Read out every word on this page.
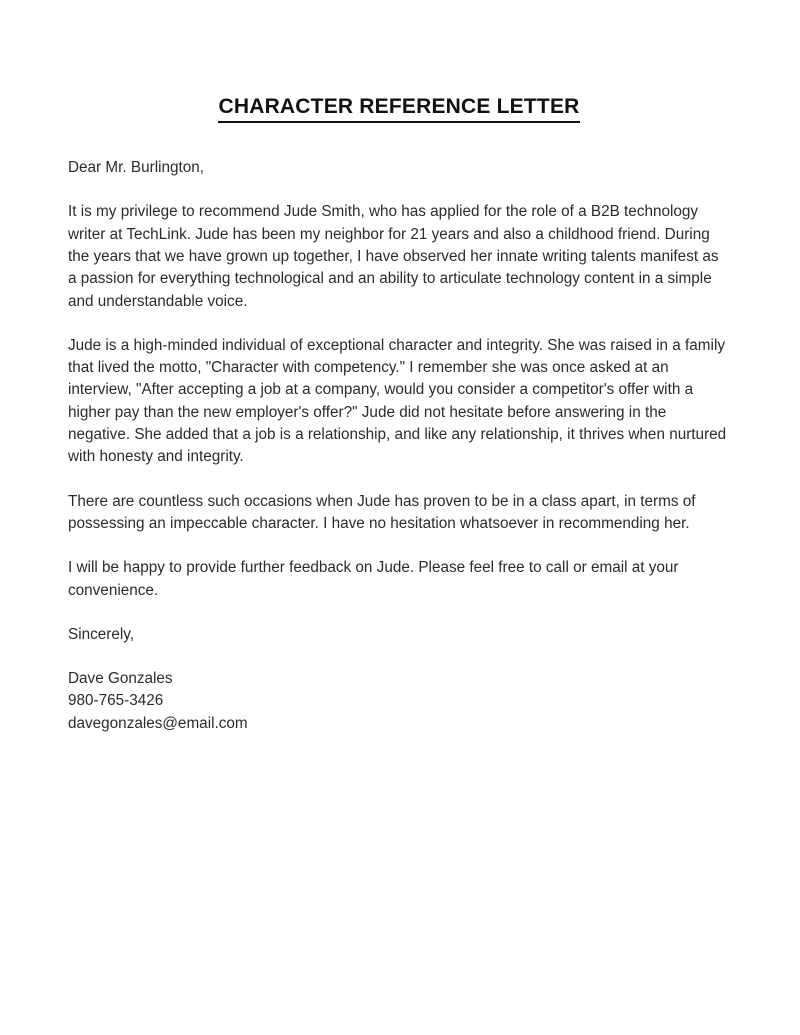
CHARACTER REFERENCE LETTER

Dear Mr. Burlington,

It is my privilege to recommend Jude Smith, who has applied for the role of a B2B technology writer at TechLink. Jude has been my neighbor for 21 years and also a childhood friend. During the years that we have grown up together, I have observed her innate writing talents manifest as a passion for everything technological and an ability to articulate technology content in a simple and understandable voice.

Jude is a high-minded individual of exceptional character and integrity. She was raised in a family that lived the motto, "Character with competency." I remember she was once asked at an interview, "After accepting a job at a company, would you consider a competitor's offer with a higher pay than the new employer's offer?" Jude did not hesitate before answering in the negative. She added that a job is a relationship, and like any relationship, it thrives when nurtured with honesty and integrity.

There are countless such occasions when Jude has proven to be in a class apart, in terms of possessing an impeccable character. I have no hesitation whatsoever in recommending her.

I will be happy to provide further feedback on Jude. Please feel free to call or email at your convenience.

Sincerely,

Dave Gonzales

980-765-3426

davegonzales@email.com
